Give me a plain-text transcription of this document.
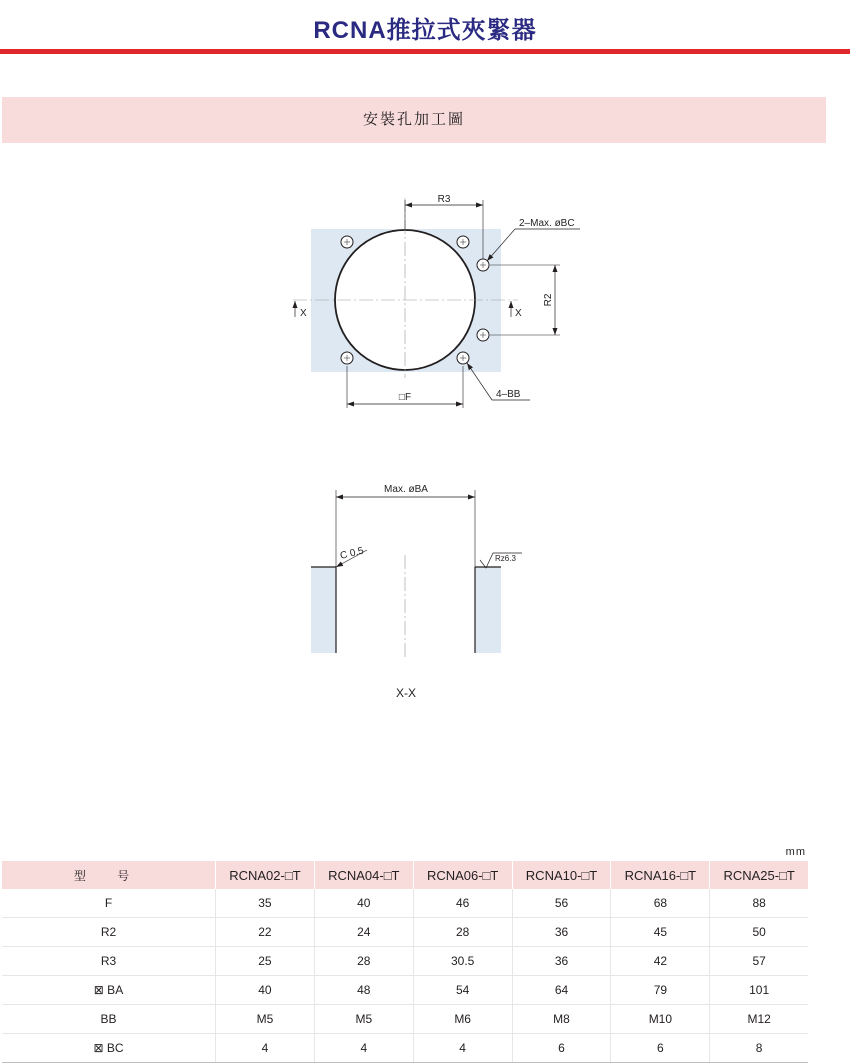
RCNA推拉式夾緊器
安裝孔加工圖
R3
2–Max. øBC
R2
X	X
□F	4–BB
Max. øBA
C 0.5	Rz6.3
X-X
mm
型 号	RCNA02-□T	RCNA04-□T	RCNA06-□T	RCNA10-□T	RCNA16-□T	RCNA25-□T
F	35	40	46	56	68	88
R2	22	24	28	36	45	50
R3	25	28	30.5	36	42	57
⊠ BA	40	48	54	64	79	101
BB	M5	M5	M6	M8	M10	M12
⊠ BC	4	4	4	6	6	8
